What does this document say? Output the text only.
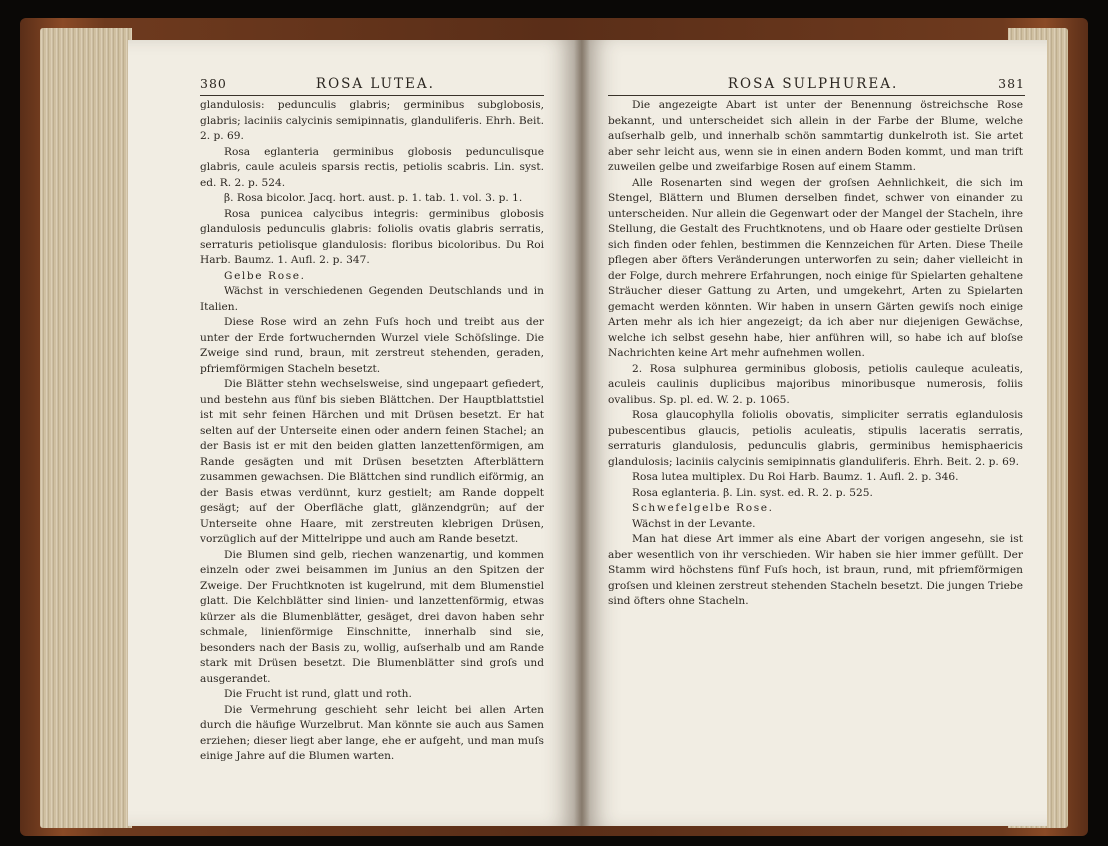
380	ROSA LUTEA.

glandulosis: pedunculis glabris; germinibus subglobosis, glabris; laciniis calycinis semipinnatis, glanduliferis. Ehrh. Beit. 2. p. 69.

Rosa eglanteria germinibus globosis pedunculisque glabris, caule aculeis sparsis rectis, petiolis scabris. Lin. syst. ed. R. 2. p. 524.

β. Rosa bicolor. Jacq. hort. aust. p. 1. tab. 1. vol. 3. p. 1.

Rosa punicea calycibus integris: germinibus globosis glandulosis pedunculis glabris: foliolis ovatis glabris serratis, serraturis petiolisque glandulosis: floribus bicoloribus. Du Roi Harb. Baumz. 1. Aufl. 2. p. 347.

Gelbe Rose.

Wächst in verschiedenen Gegenden Deutschlands und in Italien.

Diese Rose wird an zehn Fuſs hoch und treibt aus der unter der Erde fortwuchernden Wurzel viele Schöſslinge. Die Zweige sind rund, braun, mit zerstreut stehenden, geraden, pfriemförmigen Stacheln besetzt.

Die Blätter stehn wechselsweise, sind ungepaart gefiedert, und bestehn aus fünf bis sieben Blättchen. Der Hauptblattstiel ist mit sehr feinen Härchen und mit Drüsen besetzt. Er hat selten auf der Unterseite einen oder andern feinen Stachel; an der Basis ist er mit den beiden glatten lanzettenförmigen, am Rande gesägten und mit Drüsen besetzten Afterblättern zusammen gewachsen. Die Blättchen sind rundlich eiförmig, an der Basis etwas verdünnt, kurz gestielt; am Rande doppelt gesägt; auf der Oberfläche glatt, glänzendgrün; auf der Unterseite ohne Haare, mit zerstreuten klebrigen Drüsen, vorzüglich auf der Mittelrippe und auch am Rande besetzt.

Die Blumen sind gelb, riechen wanzenartig, und kommen einzeln oder zwei beisammen im Junius an den Spitzen der Zweige. Der Fruchtknoten ist kugelrund, mit dem Blumenstiel glatt. Die Kelchblätter sind linien- und lanzettenförmig, etwas kürzer als die Blumenblätter, gesäget, drei davon haben sehr schmale, linienförmige Einschnitte, innerhalb sind sie, besonders nach der Basis zu, wollig, auſserhalb und am Rande stark mit Drüsen besetzt. Die Blumenblätter sind groſs und ausgerandet.

Die Frucht ist rund, glatt und roth.

Die Vermehrung geschieht sehr leicht bei allen Arten durch die häufige Wurzelbrut. Man könnte sie auch aus Samen erziehen; dieser liegt aber lange, ehe er aufgeht, und man muſs einige Jahre auf die Blumen warten.

ROSA SULPHUREA.	381

Die angezeigte Abart ist unter der Benennung östreichsche Rose bekannt, und unterscheidet sich allein in der Farbe der Blume, welche auſserhalb gelb, und innerhalb schön sammtartig dunkelroth ist. Sie artet aber sehr leicht aus, wenn sie in einen andern Boden kommt, und man trift zuweilen gelbe und zweifarbige Rosen auf einem Stamm.

Alle Rosenarten sind wegen der groſsen Aehnlichkeit, die sich im Stengel, Blättern und Blumen derselben findet, schwer von einander zu unterscheiden. Nur allein die Gegenwart oder der Mangel der Stacheln, ihre Stellung, die Gestalt des Fruchtknotens, und ob Haare oder gestielte Drüsen sich finden oder fehlen, bestimmen die Kennzeichen für Arten. Diese Theile pflegen aber öfters Veränderungen unterworfen zu sein; daher vielleicht in der Folge, durch mehrere Erfahrungen, noch einige für Spielarten gehaltene Sträucher dieser Gattung zu Arten, und umgekehrt, Arten zu Spielarten gemacht werden könnten. Wir haben in unsern Gärten gewiſs noch einige Arten mehr als ich hier angezeigt; da ich aber nur diejenigen Gewächse, welche ich selbst gesehn habe, hier anführen will, so habe ich auf bloſse Nachrichten keine Art mehr aufnehmen wollen.

2. Rosa sulphurea germinibus globosis, petiolis cauleque aculeatis, aculeis caulinis duplicibus majoribus minoribusque numerosis, foliis ovalibus. Sp. pl. ed. W. 2. p. 1065.

Rosa glaucophylla foliolis obovatis, simpliciter serratis eglandulosis pubescentibus glaucis, petiolis aculeatis, stipulis laceratis serratis, serraturis glandulosis, pedunculis glabris, germinibus hemisphaericis glandulosis; laciniis calycinis semipinnatis glanduliferis. Ehrh. Beit. 2. p. 69.

Rosa lutea multiplex. Du Roi Harb. Baumz. 1. Aufl. 2. p. 346.

Rosa eglanteria. β. Lin. syst. ed. R. 2. p. 525.

Schwefelgelbe Rose.

Wächst in der Levante.

Man hat diese Art immer als eine Abart der vorigen angesehn, sie ist aber wesentlich von ihr verschieden. Wir haben sie hier immer gefüllt. Der Stamm wird höchstens fünf Fuſs hoch, ist braun, rund, mit pfriemförmigen groſsen und kleinen zerstreut stehenden Stacheln besetzt. Die jungen Triebe sind öfters ohne Stacheln.
